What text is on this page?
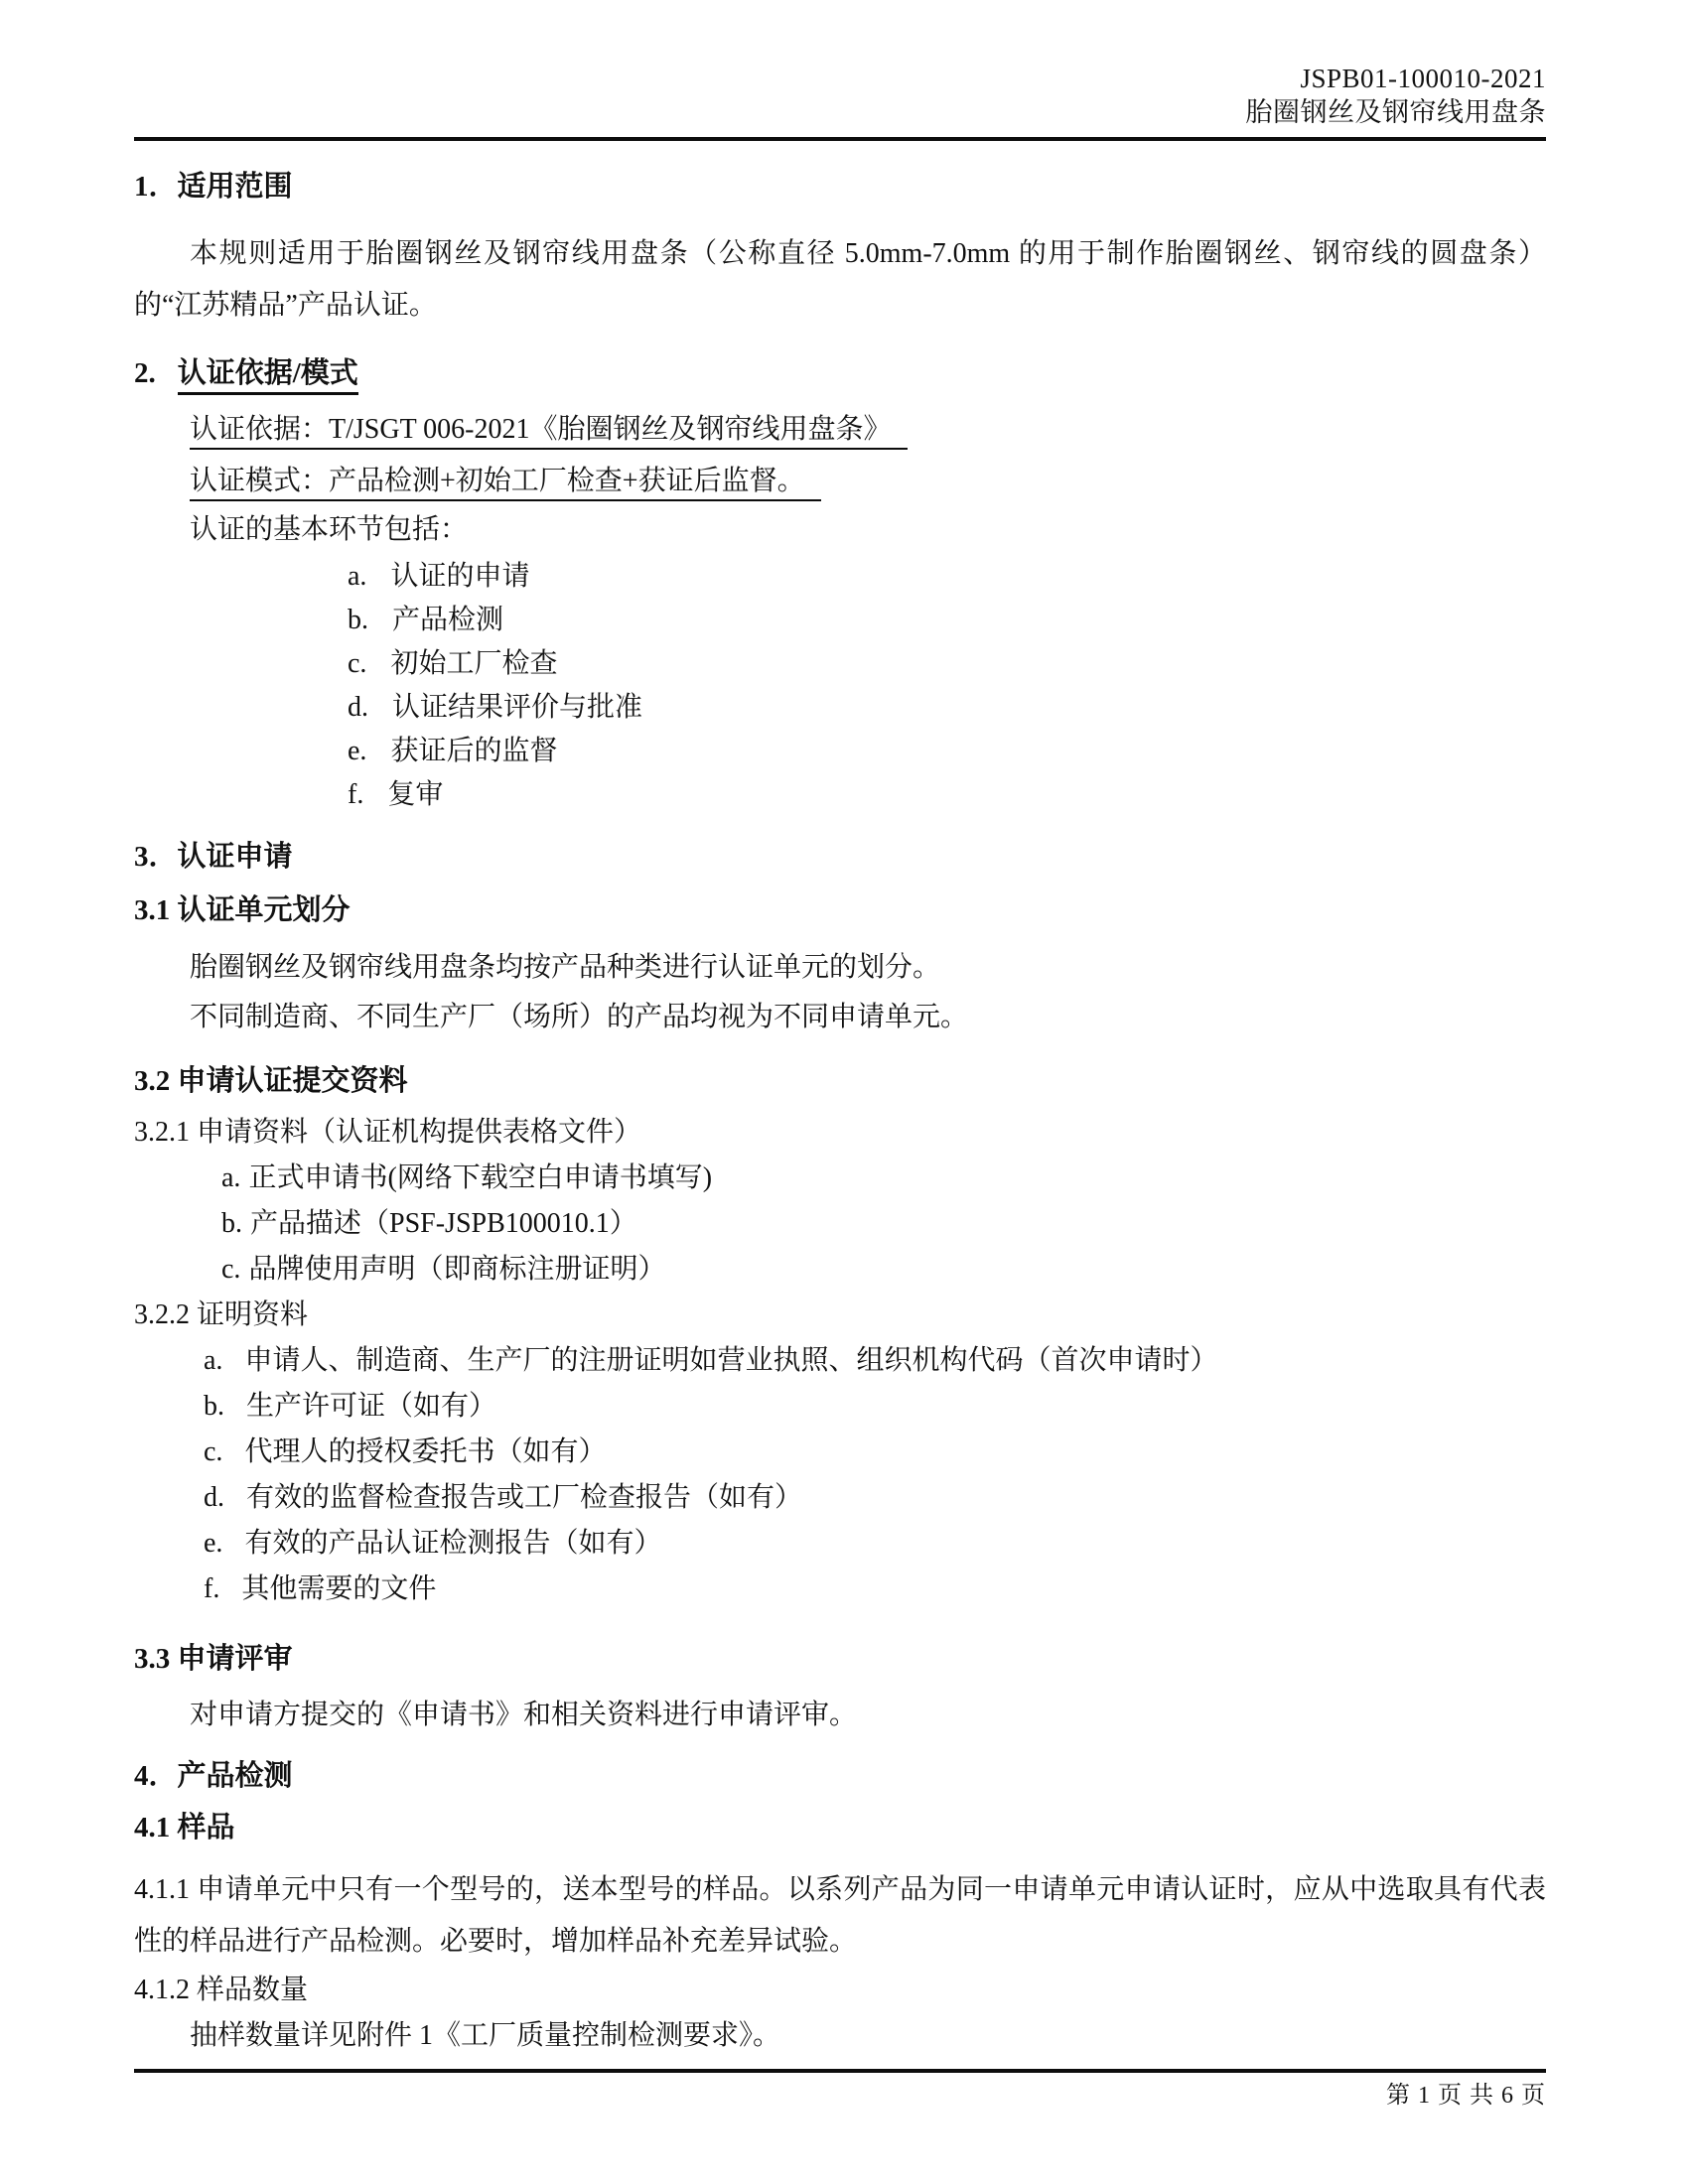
JSPB01-100010-2021
胎圈钢丝及钢帘线用盘条
1．适用范围
本规则适用于胎圈钢丝及钢帘线用盘条（公称直径 5.0mm-7.0mm 的用于制作胎圈钢丝、钢帘线的圆盘条）的“江苏精品”产品认证。
2. 认证依据/模式
认证依据：T/JSGT 006-2021《胎圈钢丝及钢帘线用盘条》
认证模式：产品检测+初始工厂检查+获证后监督。
认证的基本环节包括：
a. 认证的申请
b. 产品检测
c. 初始工厂检查
d. 认证结果评价与批准
e. 获证后的监督
f. 复审
3．认证申请
3.1 认证单元划分
胎圈钢丝及钢帘线用盘条均按产品种类进行认证单元的划分。
不同制造商、不同生产厂（场所）的产品均视为不同申请单元。
3.2 申请认证提交资料
3.2.1 申请资料（认证机构提供表格文件）
a. 正式申请书(网络下载空白申请书填写)
b. 产品描述（PSF-JSPB100010.1）
c. 品牌使用声明（即商标注册证明）
3.2.2 证明资料
a. 申请人、制造商、生产厂的注册证明如营业执照、组织机构代码（首次申请时）
b. 生产许可证（如有）
c. 代理人的授权委托书（如有）
d. 有效的监督检查报告或工厂检查报告（如有）
e. 有效的产品认证检测报告（如有）
f. 其他需要的文件
3.3 申请评审
对申请方提交的《申请书》和相关资料进行申请评审。
4．产品检测
4.1 样品
4.1.1 申请单元中只有一个型号的，送本型号的样品。以系列产品为同一申请单元申请认证时，应从中选取具有代表性的样品进行产品检测。必要时，增加样品补充差异试验。
4.1.2 样品数量
抽样数量详见附件 1《工厂质量控制检测要求》。
第 1 页 共 6 页
